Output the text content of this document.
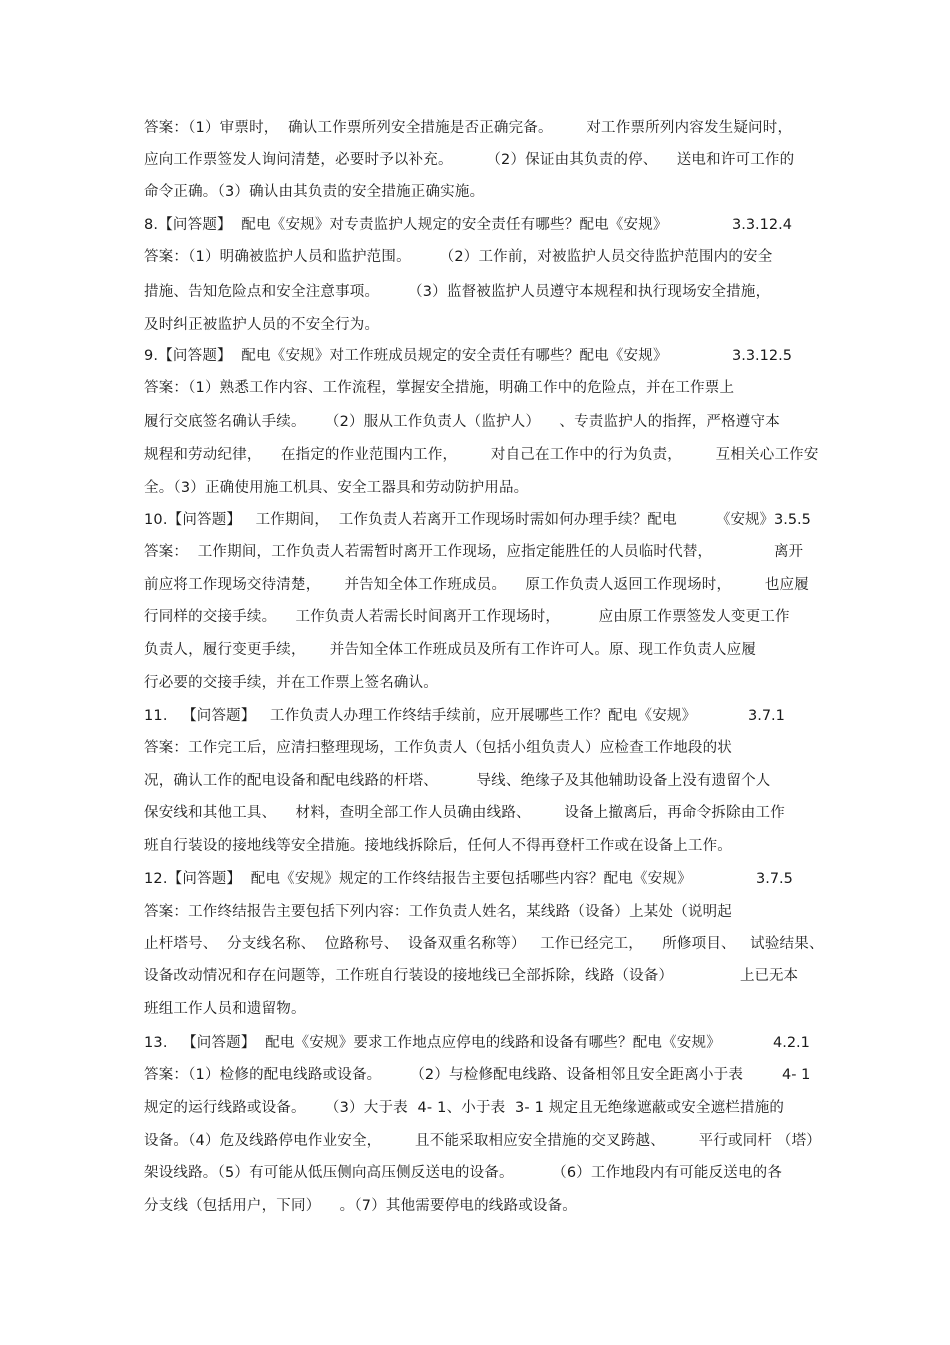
答案：（1）审票时，  确认工作票所列安全措施是否正确完备。       对工作票所列内容发生疑问时，
应向工作票签发人询问清楚，必要时予以补充。       （2）保证由其负责的停、    送电和许可工作的
命令正确。（3）确认由其负责的安全措施正确实施。
8.【问答题】  配电《安规》对专责监护人规定的安全责任有哪些？配电《安规》	3.3.12.4
答案：（1）明确被监护人员和监护范围。      （2）工作前，对被监护人员交待监护范围内的安全
措施、告知危险点和安全注意事项。      （3）监督被监护人员遵守本规程和执行现场安全措施，
及时纠正被监护人员的不安全行为。
9.【问答题】  配电《安规》对工作班成员规定的安全责任有哪些？配电《安规》	3.3.12.5
答案：（1）熟悉工作内容、工作流程，掌握安全措施，明确工作中的危险点，并在工作票上
履行交底签名确认手续。    （2）服从工作负责人（监护人）    、专责监护人的指挥，严格遵守本
规程和劳动纪律，    在指定的作业范围内工作，       对自己在工作中的行为负责，       互相关心工作安
全。（3）正确使用施工机具、安全工器具和劳动防护用品。
10.【问答题】   工作期间，  工作负责人若离开工作现场时需如何办理手续？配电	《安规》3.5.5
答案：  工作期间，工作负责人若需暂时离开工作现场，应指定能胜任的人员临时代替，	离开
前应将工作现场交待清楚，     并告知全体工作班成员。    原工作负责人返回工作现场时，       也应履
行同样的交接手续。    工作负责人若需长时间离开工作现场时，        应由原工作票签发人变更工作
负责人，履行变更手续，     并告知全体工作班成员及所有工作许可人。原、现工作负责人应履
行必要的交接手续，并在工作票上签名确认。
11.   【问答题】   工作负责人办理工作终结手续前，应开展哪些工作？配电《安规》	3.7.1
答案：工作完工后，应清扫整理现场，工作负责人（包括小组负责人）应检查工作地段的状
况，确认工作的配电设备和配电线路的杆塔、        导线、绝缘子及其他辅助设备上没有遗留个人
保安线和其他工具、    材料，查明全部工作人员确由线路、       设备上撤离后，再命令拆除由工作
班自行装设的接地线等安全措施。接地线拆除后，任何人不得再登杆工作或在设备上工作。
12.【问答题】  配电《安规》规定的工作终结报告主要包括哪些内容？配电《安规》	3.7.5
答案：工作终结报告主要包括下列内容：工作负责人姓名，某线路（设备）上某处（说明起
止杆塔号、  分支线名称、  位路称号、  设备双重名称等）   工作已经完工，    所修项目、   试验结果、
设备改动情况和存在问题等，工作班自行装设的接地线已全部拆除，线路（设备）	上已无本
班组工作人员和遗留物。
13.   【问答题】  配电《安规》要求工作地点应停电的线路和设备有哪些？配电《安规》	4.2.1
答案：（1）检修的配电线路或设备。      （2）与检修配电线路、设备相邻且安全距离小于表	4- 1
规定的运行线路或设备。    （3）大于表  4- 1、小于表  3- 1 规定且无绝缘遮蔽或安全遮栏措施的
设备。（4）危及线路停电作业安全，       且不能采取相应安全措施的交叉跨越、       平行或同杆 （塔）
架设线路。（5）有可能从低压侧向高压侧反送电的设备。        （6）工作地段内有可能反送电的各
分支线（包括用户，下同）    。（7）其他需要停电的线路或设备。
